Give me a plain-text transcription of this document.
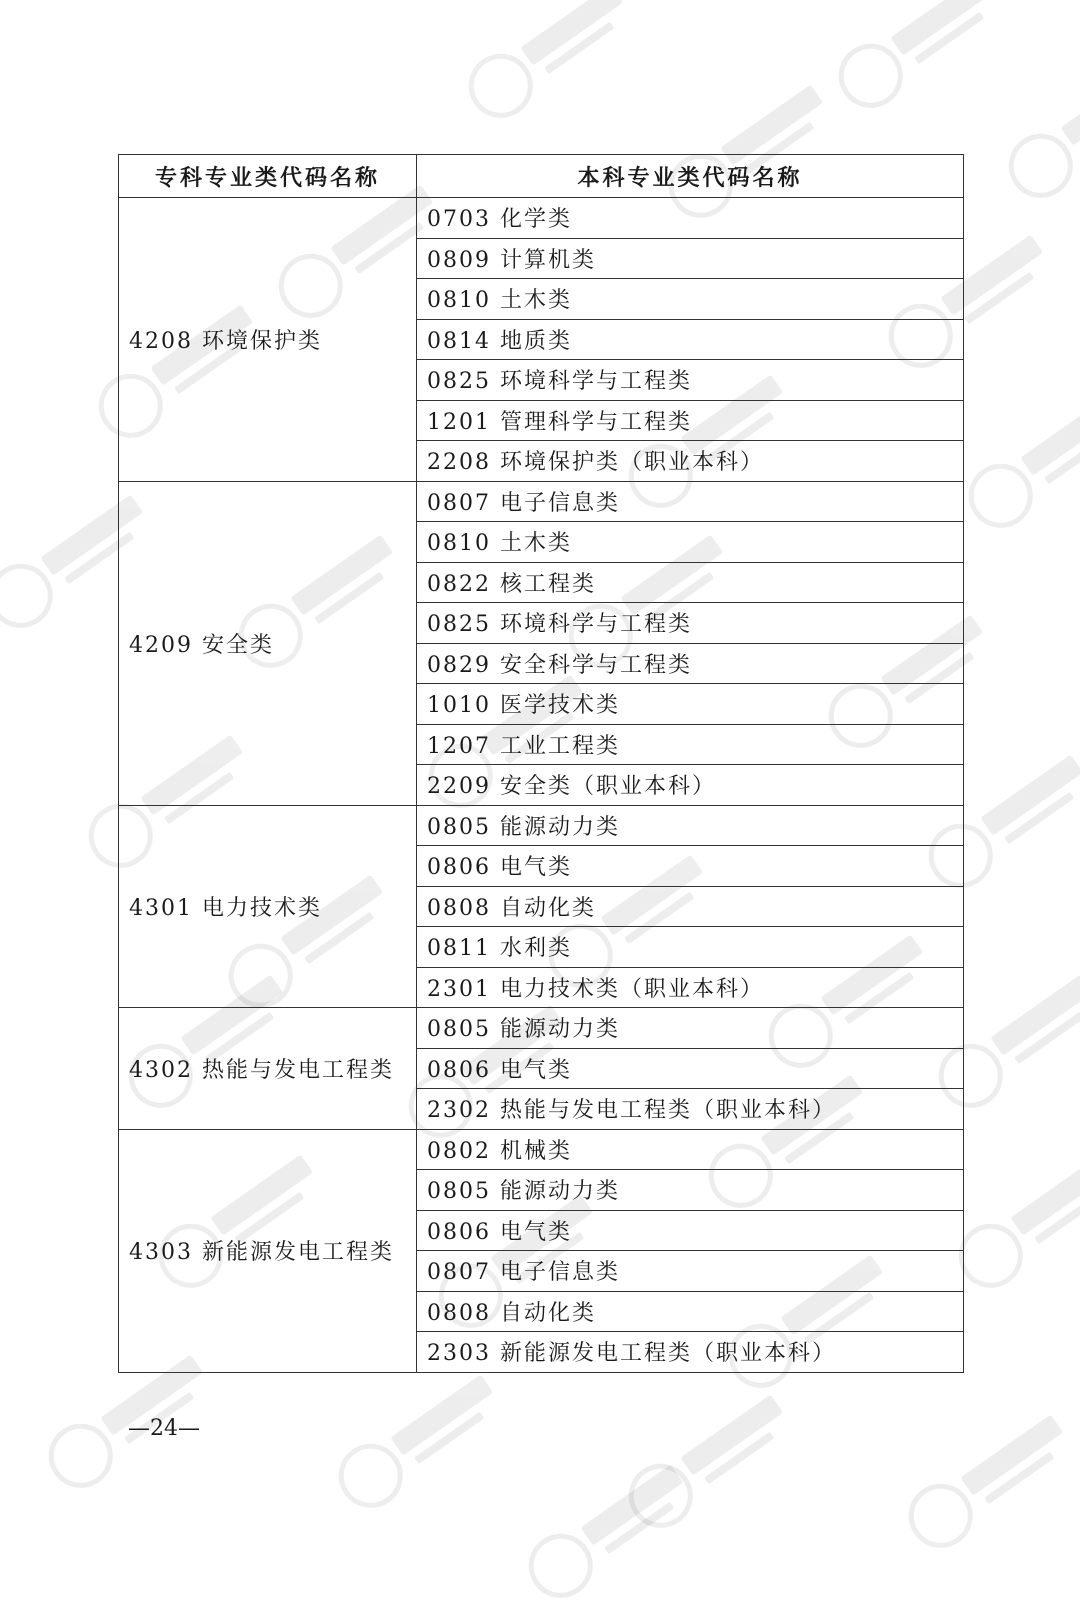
专科专业类代码名称	本科专业类代码名称
4208 环境保护类	0703 化学类
	0809 计算机类
	0810 土木类
	0814 地质类
	0825 环境科学与工程类
	1201 管理科学与工程类
	2208 环境保护类（职业本科）
4209 安全类	0807 电子信息类
	0810 土木类
	0822 核工程类
	0825 环境科学与工程类
	0829 安全科学与工程类
	1010 医学技术类
	1207 工业工程类
	2209 安全类（职业本科）
4301 电力技术类	0805 能源动力类
	0806 电气类
	0808 自动化类
	0811 水利类
	2301 电力技术类（职业本科）
4302 热能与发电工程类	0805 能源动力类
	0806 电气类
	2302 热能与发电工程类（职业本科）
4303 新能源发电工程类	0802 机械类
	0805 能源动力类
	0806 电气类
	0807 电子信息类
	0808 自动化类
	2303 新能源发电工程类（职业本科）
—24—
